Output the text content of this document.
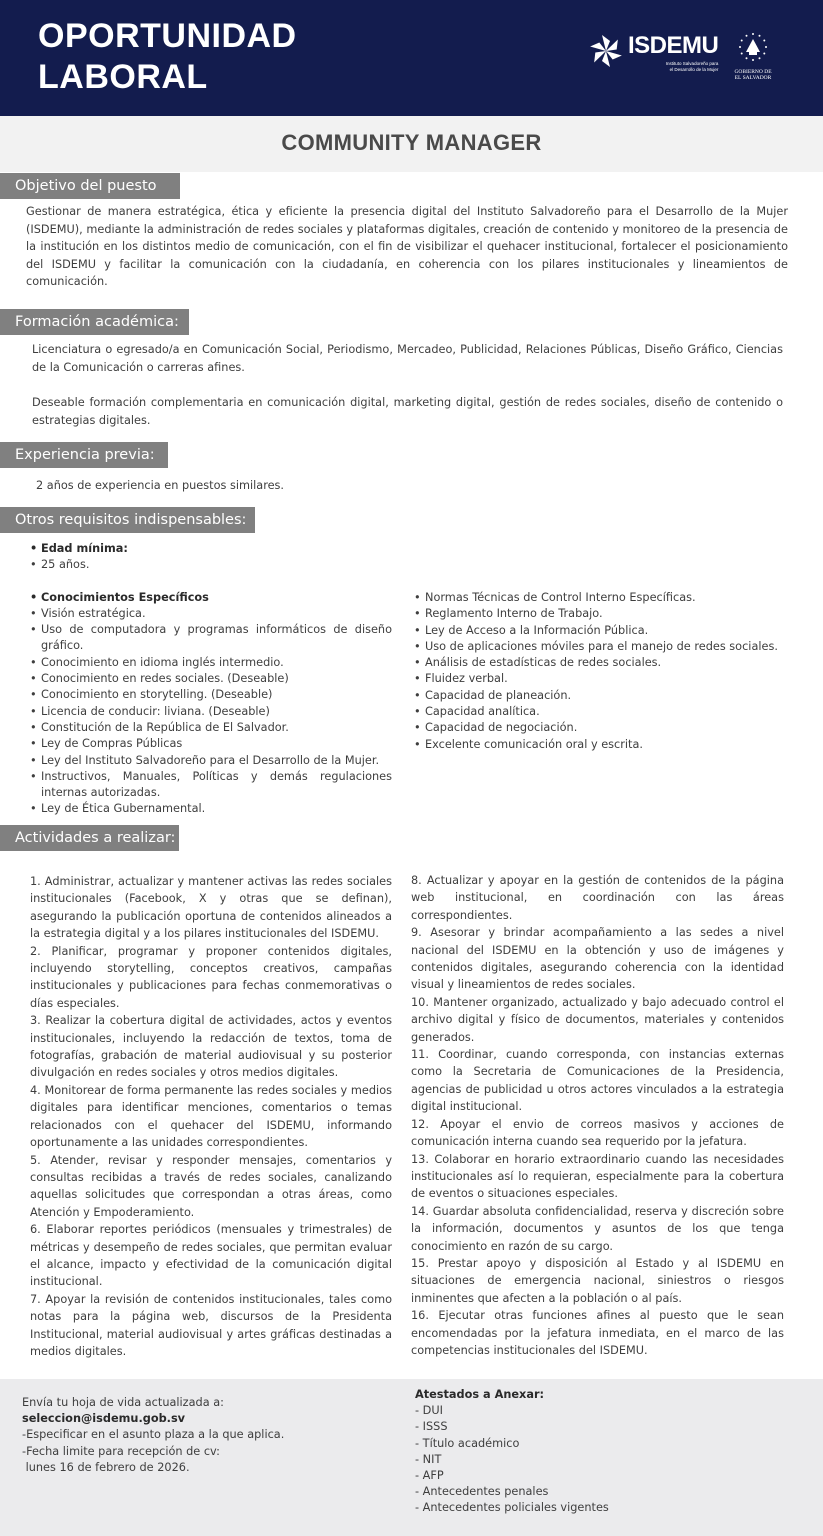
OPORTUNIDAD
LABORAL
ISDEMU
Instituto Salvadoreño para
el Desarrollo de la Mujer	GOBIERNO DE
EL SALVADOR
COMMUNITY MANAGER
Objetivo del puesto
Gestionar de manera estratégica, ética y eficiente la presencia digital del Instituto Salvadoreño para el Desarrollo de la Mujer (ISDEMU), mediante la administración de redes sociales y plataformas digitales, creación de contenido y monitoreo de la presencia de la institución en los distintos medio de comunicación, con el fin de visibilizar el quehacer institucional, fortalecer el posicionamiento del ISDEMU y facilitar la comunicación con la ciudadanía, en coherencia con los pilares institucionales y lineamientos de comunicación.
Formación académica:
Licenciatura o egresado/a en Comunicación Social, Periodismo, Mercadeo, Publicidad, Relaciones Públicas, Diseño Gráfico, Ciencias de la Comunicación o carreras afines.
Deseable formación complementaria en comunicación digital, marketing digital, gestión de redes sociales, diseño de contenido o estrategias digitales.
Experiencia previa:
2 años de experiencia en puestos similares.
Otros requisitos indispensables:
• Edad mínima:
• 25 años.
• Conocimientos Específicos
• Visión estratégica.
• Uso de computadora y programas informáticos de diseño gráfico.
• Conocimiento en idioma inglés intermedio.
• Conocimiento en redes sociales. (Deseable)
• Conocimiento en storytelling. (Deseable)
• Licencia de conducir: liviana. (Deseable)
• Constitución de la República de El Salvador.
• Ley de Compras Públicas
• Ley del Instituto Salvadoreño para el Desarrollo de la Mujer.
• Instructivos, Manuales, Políticas y demás regulaciones internas autorizadas.
• Ley de Ética Gubernamental.
• Normas Técnicas de Control Interno Específicas.
• Reglamento Interno de Trabajo.
• Ley de Acceso a la Información Pública.
• Uso de aplicaciones móviles para el manejo de redes sociales.
• Análisis de estadísticas de redes sociales.
• Fluidez verbal.
• Capacidad de planeación.
• Capacidad analítica.
• Capacidad de negociación.
• Excelente comunicación oral y escrita.
Actividades a realizar:

1. Administrar, actualizar y mantener activas las redes sociales institucionales (Facebook, X y otras que se definan), asegurando la publicación oportuna de contenidos alineados a la estrategia digital y a los pilares institucionales del ISDEMU.

2. Planificar, programar y proponer contenidos digitales, incluyendo storytelling, conceptos creativos, campañas institucionales y publicaciones para fechas conmemorativas o días especiales.

3. Realizar la cobertura digital de actividades, actos y eventos institucionales, incluyendo la redacción de textos, toma de fotografías, grabación de material audiovisual y su posterior divulgación en redes sociales y otros medios digitales.

4. Monitorear de forma permanente las redes sociales y medios digitales para identificar menciones, comentarios o temas relacionados con el quehacer del ISDEMU, informando oportunamente a las unidades correspondientes.

5. Atender, revisar y responder mensajes, comentarios y consultas recibidas a través de redes sociales, canalizando aquellas solicitudes que correspondan a otras áreas, como Atención y Empoderamiento.

6. Elaborar reportes periódicos (mensuales y trimestrales) de métricas y desempeño de redes sociales, que permitan evaluar el alcance, impacto y efectividad de la comunicación digital institucional.

7. Apoyar la revisión de contenidos institucionales, tales como notas para la página web, discursos de la Presidenta Institucional, material audiovisual y artes gráficas destinadas a medios digitales.

8. Actualizar y apoyar en la gestión de contenidos de la página web institucional, en coordinación con las áreas correspondientes.

9. Asesorar y brindar acompañamiento a las sedes a nivel nacional del ISDEMU en la obtención y uso de imágenes y contenidos digitales, asegurando coherencia con la identidad visual y lineamientos de redes sociales.

10. Mantener organizado, actualizado y bajo adecuado control el archivo digital y físico de documentos, materiales y contenidos generados.

11. Coordinar, cuando corresponda, con instancias externas como la Secretaria de Comunicaciones de la Presidencia, agencias de publicidad u otros actores vinculados a la estrategia digital institucional.

12. Apoyar el envio de correos masivos y acciones de comunicación interna cuando sea requerido por la jefatura.

13. Colaborar en horario extraordinario cuando las necesidades institucionales así lo requieran, especialmente para la cobertura de eventos o situaciones especiales.

14. Guardar absoluta confidencialidad, reserva y discreción sobre la información, documentos y asuntos de los que tenga conocimiento en razón de su cargo.

15. Prestar apoyo y disposición al Estado y al ISDEMU en situaciones de emergencia nacional, siniestros o riesgos inminentes que afecten a la población o al país.

16. Ejecutar otras funciones afines al puesto que le sean encomendadas por la jefatura inmediata, en el marco de las competencias institucionales del ISDEMU.

Envía tu hoja de vida actualizada a:
seleccion@isdemu.gob.sv
-Especificar en el asunto plaza a la que aplica.
-Fecha limite para recepción de cv:
lunes 16 de febrero de 2026.
Atestados a Anexar:
- DUI
- ISSS
- Título académico
- NIT
- AFP
- Antecedentes penales
- Antecedentes policiales vigentes
